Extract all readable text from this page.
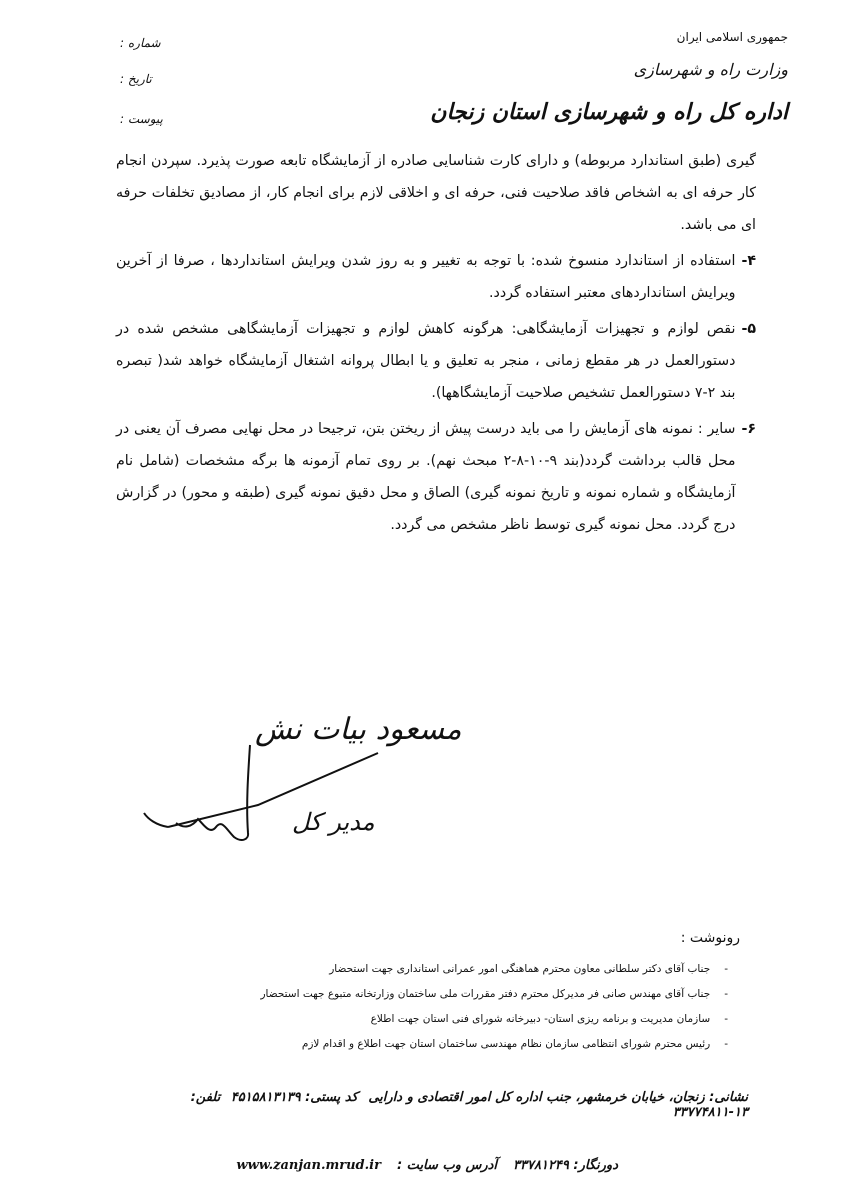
جمهوری اسلامی ایران
وزارت راه و شهرسازی
اداره کل راه و شهرسازی استان زنجان
شماره :
تاریخ :
پیوست :

گیری (طبق استاندارد مربوطه) و دارای کارت شناسایی صادره از آزمایشگاه تابعه صورت پذیرد. سپردن انجام کار حرفه ای به اشخاص فاقد صلاحیت فنی، حرفه ای و اخلاقی لازم برای انجام کار، از مصادیق تخلفات حرفه ای می باشد.

۴-
استفاده از استاندارد منسوخ شده: با توجه به تغییر و به روز شدن ویرایش استانداردها ، صرفا از آخرین ویرایش استانداردهای معتبر استفاده گردد.

۵-
نقص لوازم و تجهیزات آزمایشگاهی: هرگونه کاهش لوازم و تجهیزات آزمایشگاهی مشخص شده در دستورالعمل در هر مقطع زمانی ، منجر به تعلیق و یا ابطال پروانه اشتغال آزمایشگاه خواهد شد( تبصره بند ۲-۷ دستورالعمل تشخیص صلاحیت آزمایشگاهها).

۶-
سایر : نمونه های آزمایش را می باید درست پیش از ریختن بتن، ترجیحا در محل نهایی مصرف آن یعنی در محل قالب برداشت گردد(بند ۹-۱۰-۸-۲ مبحث نهم). بر روی تمام آزمونه ها برگه مشخصات (شامل نام آزمایشگاه و شماره نمونه و تاریخ نمونه گیری) الصاق و محل دقیق نمونه گیری (طبقه و محور) در گزارش درج گردد. محل نمونه گیری توسط ناظر مشخص می گردد.

مسعود بیات نش
مدیر کل
رونوشت :
-
جناب آقای دکتر سلطانی معاون محترم هماهنگی امور عمرانی استانداری جهت استحضار
-
جناب آقای مهندس صانی فر مدیرکل محترم دفتر مقررات ملی ساختمان وزارتخانه متبوع جهت استحضار
-
سازمان مدیریت و برنامه ریزی استان- دبیرخانه شورای فنی استان جهت اطلاع
-
رئیس محترم شورای انتظامی سازمان نظام مهندسی ساختمان استان جهت اطلاع و اقدام لازم
نشانی: زنجان، خیابان خرمشهر، جنب اداره کل امور اقتصادی و دارایی کد پستی: ۴۵۱۵۸۱۳۱۳۹ تلفن: ۱۳-۳۳۷۷۴۸۱۱
دورنگار: ۳۳۷۸۱۲۴۹
آدرس وب سایت :
www.zanjan.mrud.ir
